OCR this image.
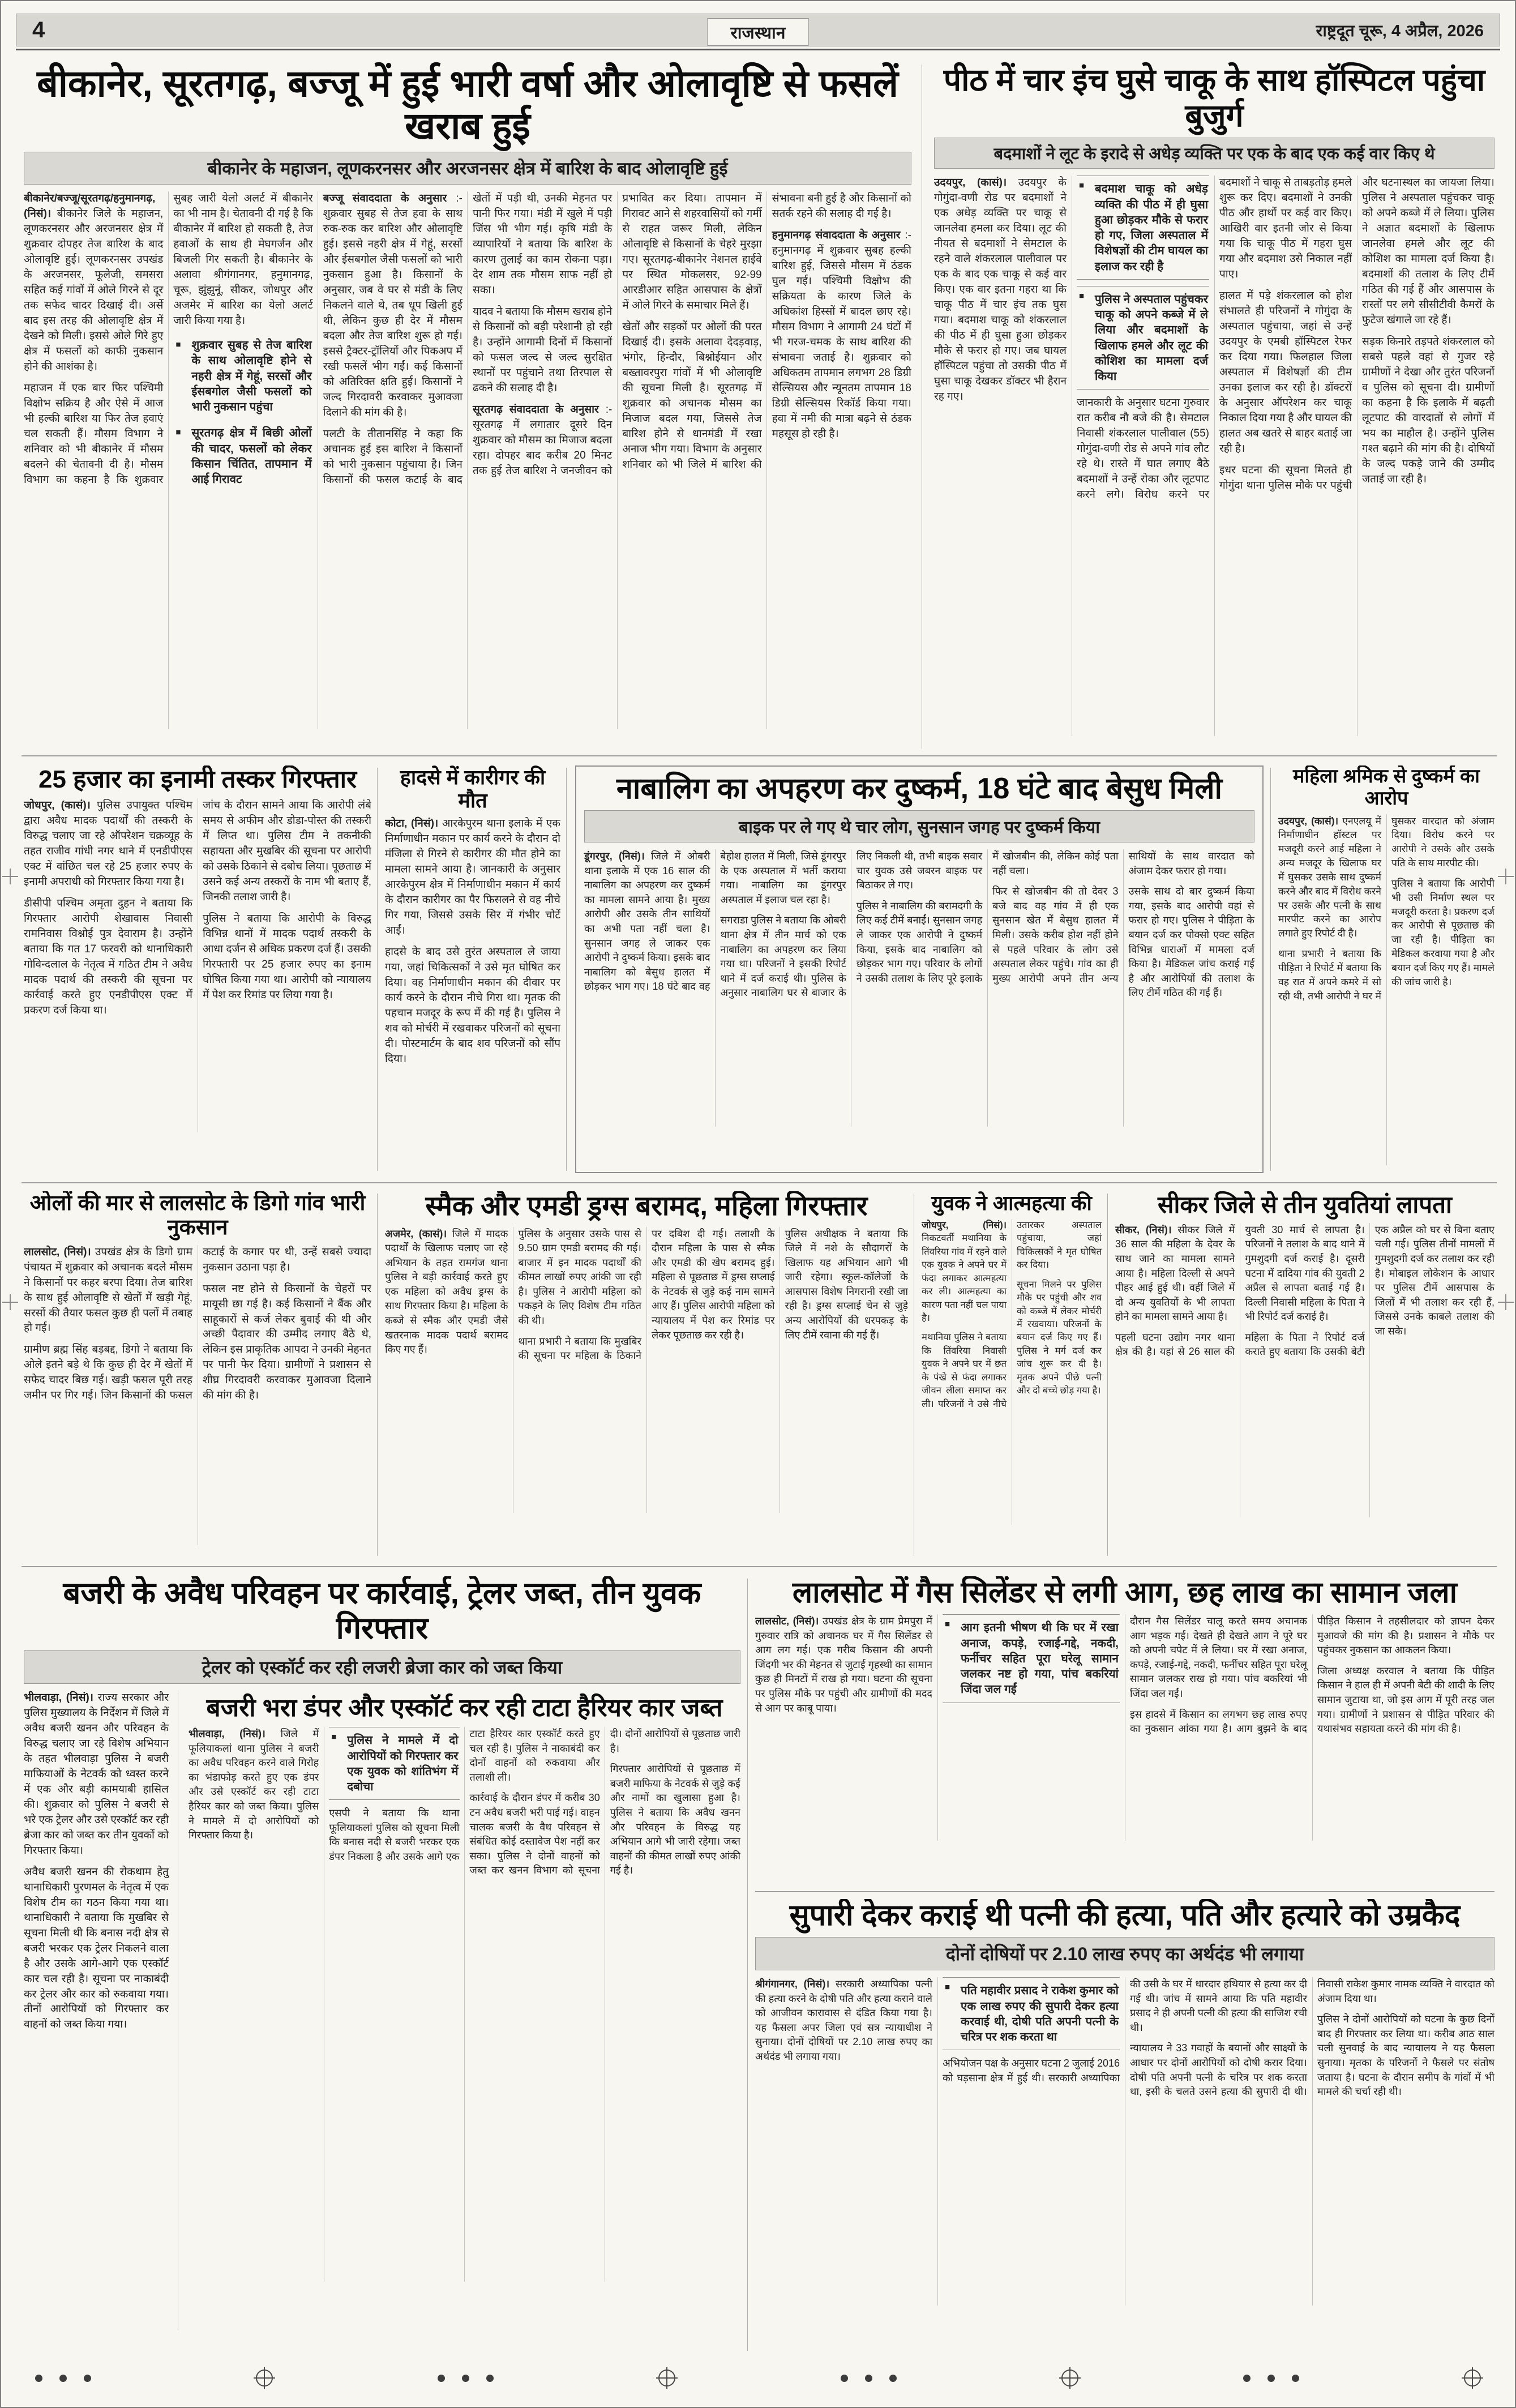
4	राजस्थान	राष्ट्रदूत चूरू, 4 अप्रैल, 2026
बीकानेर, सूरतगढ़, बज्जू में हुई भारी वर्षा और ओलावृष्टि से फसलें खराब हुई
बीकानेर के महाजन, लूणकरनसर और अरजनसर क्षेत्र में बारिश के बाद ओलावृष्टि हुई

बीकानेर/बज्जू/सूरतगढ़/हनुमानगढ़, (निसं)। बीकानेर जिले के महाजन, लूणकरनसर और अरजनसर क्षेत्र में शुक्रवार दोपहर तेज बारिश के बाद ओलावृष्टि हुई। लूणकरनसर उपखंड के अरजनसर, फूलेजी, समसरा सहित कई गांवों में ओले गिरने से दूर तक सफेद चादर दिखाई दी। अर्से बाद इस तरह की ओलावृष्टि क्षेत्र में देखने को मिली। इससे ओले गिरे हुए क्षेत्र में फसलों को काफी नुकसान होने की आशंका है।

महाजन में एक बार फिर पश्चिमी विक्षोभ सक्रिय है और ऐसे में आज भी हल्की बारिश या फिर तेज हवाएं चल सकती हैं। मौसम विभाग ने शनिवार को भी बीकानेर में मौसम बदलने की चेतावनी दी है। मौसम विभाग का कहना है कि शुक्रवार सुबह जारी येलो अलर्ट में बीकानेर का भी नाम है। चेतावनी दी गई है कि बीकानेर में बारिश हो सकती है, तेज हवाओं के साथ ही मेघगर्जन और बिजली गिर सकती है। बीकानेर के अलावा श्रीगंगानगर, हनुमानगढ़, चूरू, झुंझुनूं, सीकर, जोधपुर और अजमेर में बारिश का येलो अलर्ट जारी किया गया है।

■ शुक्रवार सुबह से तेज बारिश के साथ ओलावृष्टि होने से नहरी क्षेत्र में गेहूं, सरसों और ईसबगोल जैसी फसलों को भारी नुकसान पहुंचा

■ सूरतगढ़ क्षेत्र में बिछी ओलों की चादर, फसलों को लेकर किसान चिंतित, तापमान में आई गिरावट

बज्जू संवाददाता के अनुसार :- शुक्रवार सुबह से तेज हवा के साथ रुक-रुक कर बारिश और ओलावृष्टि हुई। इससे नहरी क्षेत्र में गेहूं, सरसों और ईसबगोल जैसी फसलों को भारी नुकसान हुआ है। किसानों के अनुसार, जब वे घर से मंडी के लिए निकलने वाले थे, तब धूप खिली हुई थी, लेकिन कुछ ही देर में मौसम बदला और तेज बारिश शुरू हो गई। इससे ट्रैक्टर-ट्रॉलियों और पिकअप में रखी फसलें भीग गईं। कई किसानों को अतिरिक्त क्षति हुई। किसानों ने जल्द गिरदावरी करवाकर मुआवजा दिलाने की मांग की है।

पलटी के तीतानसिंह ने कहा कि अचानक हुई इस बारिश ने किसानों को भारी नुकसान पहुंचाया है। जिन किसानों की फसल कटाई के बाद खेतों में पड़ी थी, उनकी मेहनत पर पानी फिर गया। मंडी में खुले में पड़ी जिंस भी भीग गई। कृषि मंडी के व्यापारियों ने बताया कि बारिश के कारण तुलाई का काम रोकना पड़ा। देर शाम तक मौसम साफ नहीं हो सका।

यादव ने बताया कि मौसम खराब होने से किसानों को बड़ी परेशानी हो रही है। उन्होंने आगामी दिनों में किसानों को फसल जल्द से जल्द सुरक्षित स्थानों पर पहुंचाने तथा तिरपाल से ढकने की सलाह दी है।

सूरतगढ़ संवाददाता के अनुसार :- सूरतगढ़ में लगातार दूसरे दिन शुक्रवार को मौसम का मिजाज बदला रहा। दोपहर बाद करीब 20 मिनट तक हुई तेज बारिश ने जनजीवन को प्रभावित कर दिया। तापमान में गिरावट आने से शहरवासियों को गर्मी से राहत जरूर मिली, लेकिन ओलावृष्टि से किसानों के चेहरे मुरझा गए। सूरतगढ़-बीकानेर नेशनल हाईवे पर स्थित मोकलसर, 92-99 आरडीआर सहित आसपास के क्षेत्रों में ओले गिरने के समाचार मिले हैं।

खेतों और सड़कों पर ओलों की परत दिखाई दी। इसके अलावा देदड़वाड़, भंगोर, हिन्दौर, बिश्नोईयान और बख्तावरपुरा गांवों में भी ओलावृष्टि की सूचना मिली है। सूरतगढ़ में शुक्रवार को अचानक मौसम का मिजाज बदल गया, जिससे तेज बारिश होने से धानमंडी में रखा अनाज भीग गया। विभाग के अनुसार शनिवार को भी जिले में बारिश की संभावना बनी हुई है और किसानों को सतर्क रहने की सलाह दी गई है।

हनुमानगढ़ संवाददाता के अनुसार :- हनुमानगढ़ में शुक्रवार सुबह हल्की बारिश हुई, जिससे मौसम में ठंडक घुल गई। पश्चिमी विक्षोभ की सक्रियता के कारण जिले के अधिकांश हिस्सों में बादल छाए रहे। मौसम विभाग ने आगामी 24 घंटों में भी गरज-चमक के साथ बारिश की संभावना जताई है। शुक्रवार को अधिकतम तापमान लगभग 28 डिग्री सेल्सियस और न्यूनतम तापमान 18 डिग्री सेल्सियस रिकॉर्ड किया गया। हवा में नमी की मात्रा बढ़ने से ठंडक महसूस हो रही है।

पीठ में चार इंच घुसे चाकू के साथ हॉस्पिटल पहुंचा बुजुर्ग
बदमाशों ने लूट के इरादे से अधेड़ व्यक्ति पर एक के बाद एक कई वार किए थे

उदयपुर, (कासं)। उदयपुर के गोगुंदा-वणी रोड पर बदमाशों ने एक अधेड़ व्यक्ति पर चाकू से जानलेवा हमला कर दिया। लूट की नीयत से बदमाशों ने सेमटाल के रहने वाले शंकरलाल पालीवाल पर एक के बाद एक चाकू से कई वार किए। एक वार इतना गहरा था कि चाकू पीठ में चार इंच तक घुस गया। बदमाश चाकू को शंकरलाल की पीठ में ही घुसा हुआ छोड़कर मौके से फरार हो गए। जब घायल हॉस्पिटल पहुंचा तो उसकी पीठ में घुसा चाकू देखकर डॉक्टर भी हैरान रह गए।

■ बदमाश चाकू को अधेड़ व्यक्ति की पीठ में ही घुसा हुआ छोड़कर मौके से फरार हो गए, जिला अस्पताल में विशेषज्ञों की टीम घायल का इलाज कर रही है

■ पुलिस ने अस्पताल पहुंचकर चाकू को अपने कब्जे में ले लिया और बदमाशों के खिलाफ हमले और लूट की कोशिश का मामला दर्ज किया

जानकारी के अनुसार घटना गुरुवार रात करीब नौ बजे की है। सेमटाल निवासी शंकरलाल पालीवाल (55) गोगुंदा-वणी रोड से अपने गांव लौट रहे थे। रास्ते में घात लगाए बैठे बदमाशों ने उन्हें रोका और लूटपाट करने लगे। विरोध करने पर बदमाशों ने चाकू से ताबड़तोड़ हमले शुरू कर दिए। बदमाशों ने उनकी पीठ और हाथों पर कई वार किए। आखिरी वार इतनी जोर से किया गया कि चाकू पीठ में गहरा घुस गया और बदमाश उसे निकाल नहीं पाए।

हालत में पड़े शंकरलाल को होश संभालते ही परिजनों ने गोगुंदा के अस्पताल पहुंचाया, जहां से उन्हें उदयपुर के एमबी हॉस्पिटल रेफर कर दिया गया। फिलहाल जिला अस्पताल में विशेषज्ञों की टीम उनका इलाज कर रही है। डॉक्टरों के अनुसार ऑपरेशन कर चाकू निकाल दिया गया है और घायल की हालत अब खतरे से बाहर बताई जा रही है।

इधर घटना की सूचना मिलते ही गोगुंदा थाना पुलिस मौके पर पहुंची और घटनास्थल का जायजा लिया। पुलिस ने अस्पताल पहुंचकर चाकू को अपने कब्जे में ले लिया। पुलिस ने अज्ञात बदमाशों के खिलाफ जानलेवा हमले और लूट की कोशिश का मामला दर्ज किया है। बदमाशों की तलाश के लिए टीमें गठित की गई हैं और आसपास के रास्तों पर लगे सीसीटीवी कैमरों के फुटेज खंगाले जा रहे हैं।

सड़क किनारे तड़पते शंकरलाल को सबसे पहले वहां से गुजर रहे ग्रामीणों ने देखा और तुरंत परिजनों व पुलिस को सूचना दी। ग्रामीणों का कहना है कि इलाके में बढ़ती लूटपाट की वारदातों से लोगों में भय का माहौल है। उन्होंने पुलिस गश्त बढ़ाने की मांग की है। दोषियों के जल्द पकड़े जाने की उम्मीद जताई जा रही है।

25 हजार का इनामी तस्कर गिरफ्तार

जोधपुर, (कासं)। पुलिस उपायुक्त पश्चिम द्वारा अवैध मादक पदार्थों की तस्करी के विरुद्ध चलाए जा रहे ऑपरेशन चक्रव्यूह के तहत राजीव गांधी नगर थाने में एनडीपीएस एक्ट में वांछित चल रहे 25 हजार रुपए के इनामी अपराधी को गिरफ्तार किया गया है।

डीसीपी पश्चिम अमृता दुहन ने बताया कि गिरफ्तार आरोपी शेखावास निवासी रामनिवास विश्नोई पुत्र देवाराम है। उन्होंने बताया कि गत 17 फरवरी को थानाधिकारी गोविन्दलाल के नेतृत्व में गठित टीम ने अवैध मादक पदार्थ की तस्करी की सूचना पर कार्रवाई करते हुए एनडीपीएस एक्ट में प्रकरण दर्ज किया था।

जांच के दौरान सामने आया कि आरोपी लंबे समय से अफीम और डोडा-पोस्त की तस्करी में लिप्त था। पुलिस टीम ने तकनीकी सहायता और मुखबिर की सूचना पर आरोपी को उसके ठिकाने से दबोच लिया। पूछताछ में उसने कई अन्य तस्करों के नाम भी बताए हैं, जिनकी तलाश जारी है।

पुलिस ने बताया कि आरोपी के विरुद्ध विभिन्न थानों में मादक पदार्थ तस्करी के आधा दर्जन से अधिक प्रकरण दर्ज हैं। उसकी गिरफ्तारी पर 25 हजार रुपए का इनाम घोषित किया गया था। आरोपी को न्यायालय में पेश कर रिमांड पर लिया गया है।

हादसे में कारीगर की मौत

कोटा, (निसं)। आरकेपुरम थाना इलाके में एक निर्माणाधीन मकान पर कार्य करने के दौरान दो मंजिला से गिरने से कारीगर की मौत होने का मामला सामने आया है। जानकारी के अनुसार आरकेपुरम क्षेत्र में निर्माणाधीन मकान में कार्य के दौरान कारीगर का पैर फिसलने से वह नीचे गिर गया, जिससे उसके सिर में गंभीर चोटें आईं।

हादसे के बाद उसे तुरंत अस्पताल ले जाया गया, जहां चिकित्सकों ने उसे मृत घोषित कर दिया। वह निर्माणाधीन मकान की दीवार पर कार्य करने के दौरान नीचे गिरा था। मृतक की पहचान मजदूर के रूप में की गई है। पुलिस ने शव को मोर्चरी में रखवाकर परिजनों को सूचना दी। पोस्टमार्टम के बाद शव परिजनों को सौंप दिया।

नाबालिग का अपहरण कर दुष्कर्म, 18 घंटे बाद बेसुध मिली
बाइक पर ले गए थे चार लोग, सुनसान जगह पर दुष्कर्म किया

डूंगरपुर, (निसं)। जिले में ओबरी थाना इलाके में एक 16 साल की नाबालिग का अपहरण कर दुष्कर्म का मामला सामने आया है। मुख्य आरोपी और उसके तीन साथियों का अभी पता नहीं चला है। सुनसान जगह ले जाकर एक आरोपी ने दुष्कर्म किया। इसके बाद नाबालिग को बेसुध हालत में छोड़कर भाग गए। 18 घंटे बाद वह बेहोश हालत में मिली, जिसे डूंगरपुर के एक अस्पताल में भर्ती कराया गया। नाबालिग का डूंगरपुर अस्पताल में इलाज चल रहा है।

सगराडा पुलिस ने बताया कि ओबरी थाना क्षेत्र में तीन मार्च को एक नाबालिग का अपहरण कर लिया गया था। परिजनों ने इसकी रिपोर्ट थाने में दर्ज कराई थी। पुलिस के अनुसार नाबालिग घर से बाजार के लिए निकली थी, तभी बाइक सवार चार युवक उसे जबरन बाइक पर बिठाकर ले गए।

पुलिस ने नाबालिग की बरामदगी के लिए कई टीमें बनाईं। सुनसान जगह ले जाकर एक आरोपी ने दुष्कर्म किया, इसके बाद नाबालिग को छोड़कर भाग गए। परिवार के लोगों ने उसकी तलाश के लिए पूरे इलाके में खोजबीन की, लेकिन कोई पता नहीं चला।

फिर से खोजबीन की तो देवर 3 बजे बाद वह गांव में ही एक सुनसान खेत में बेसुध हालत में मिली। उसके करीब होश नहीं होने से पहले परिवार के लोग उसे अस्पताल लेकर पहुंचे। गांव का ही मुख्य आरोपी अपने तीन अन्य साथियों के साथ वारदात को अंजाम देकर फरार हो गया।

उसके साथ दो बार दुष्कर्म किया गया, इसके बाद आरोपी वहां से फरार हो गए। पुलिस ने पीड़िता के बयान दर्ज कर पोक्सो एक्ट सहित विभिन्न धाराओं में मामला दर्ज किया है। मेडिकल जांच कराई गई है और आरोपियों की तलाश के लिए टीमें गठित की गई हैं।

महिला श्रमिक से दुष्कर्म का आरोप

उदयपुर, (कासं)। एनएलयू में निर्माणाधीन हॉस्टल पर मजदूरी करने आई महिला ने अन्य मजदूर के खिलाफ घर में घुसकर उसके साथ दुष्कर्म करने और बाद में विरोध करने पर उसके और पत्नी के साथ मारपीट करने का आरोप लगाते हुए रिपोर्ट दी है।

थाना प्रभारी ने बताया कि पीड़िता ने रिपोर्ट में बताया कि वह रात में अपने कमरे में सो रही थी, तभी आरोपी ने घर में घुसकर वारदात को अंजाम दिया। विरोध करने पर आरोपी ने उसके और उसके पति के साथ मारपीट की।

पुलिस ने बताया कि आरोपी भी उसी निर्माण स्थल पर मजदूरी करता है। प्रकरण दर्ज कर आरोपी से पूछताछ की जा रही है। पीड़िता का मेडिकल करवाया गया है और बयान दर्ज किए गए हैं। मामले की जांच जारी है।

ओलों की मार से लालसोट के डिगो गांव भारी नुकसान

लालसोट, (निसं)। उपखंड क्षेत्र के डिगो ग्राम पंचायत में शुक्रवार को अचानक बदले मौसम ने किसानों पर कहर बरपा दिया। तेज बारिश के साथ हुई ओलावृष्टि से खेतों में खड़ी गेहूं, सरसों की तैयार फसल कुछ ही पलों में तबाह हो गई।

ग्रामीण ब्रह्म सिंह बड़बद्द, डिगो ने बताया कि ओले इतने बड़े थे कि कुछ ही देर में खेतों में सफेद चादर बिछ गई। खड़ी फसल पूरी तरह जमीन पर गिर गई। जिन किसानों की फसल कटाई के कगार पर थी, उन्हें सबसे ज्यादा नुकसान उठाना पड़ा है।

फसल नष्ट होने से किसानों के चेहरों पर मायूसी छा गई है। कई किसानों ने बैंक और साहूकारों से कर्ज लेकर बुवाई की थी और अच्छी पैदावार की उम्मीद लगाए बैठे थे, लेकिन इस प्राकृतिक आपदा ने उनकी मेहनत पर पानी फेर दिया। ग्रामीणों ने प्रशासन से शीघ्र गिरदावरी करवाकर मुआवजा दिलाने की मांग की है।

स्मैक और एमडी ड्रग्स बरामद, महिला गिरफ्तार

अजमेर, (कासं)। जिले में मादक पदार्थों के खिलाफ चलाए जा रहे अभियान के तहत रामगंज थाना पुलिस ने बड़ी कार्रवाई करते हुए एक महिला को अवैध ड्रग्स के साथ गिरफ्तार किया है। महिला के कब्जे से स्मैक और एमडी जैसे खतरनाक मादक पदार्थ बरामद किए गए हैं।

पुलिस के अनुसार उसके पास से 9.50 ग्राम एमडी बरामद की गई। बाजार में इन मादक पदार्थों की कीमत लाखों रुपए आंकी जा रही है। पुलिस ने आरोपी महिला को पकड़ने के लिए विशेष टीम गठित की थी।

थाना प्रभारी ने बताया कि मुखबिर की सूचना पर महिला के ठिकाने पर दबिश दी गई। तलाशी के दौरान महिला के पास से स्मैक और एमडी की खेप बरामद हुई। महिला से पूछताछ में ड्रग्स सप्लाई के नेटवर्क से जुड़े कई नाम सामने आए हैं। पुलिस आरोपी महिला को न्यायालय में पेश कर रिमांड पर लेकर पूछताछ कर रही है।

पुलिस अधीक्षक ने बताया कि जिले में नशे के सौदागरों के खिलाफ यह अभियान आगे भी जारी रहेगा। स्कूल-कॉलेजों के आसपास विशेष निगरानी रखी जा रही है। ड्रग्स सप्लाई चेन से जुड़े अन्य आरोपियों की धरपकड़ के लिए टीमें रवाना की गई हैं।

युवक ने आत्महत्या की

जोधपुर, (निसं)। निकटवर्ती मथानिया के तिंवरिया गांव में रहने वाले एक युवक ने अपने घर में फंदा लगाकर आत्महत्या कर ली। आत्महत्या का कारण पता नहीं चल पाया है।

मथानिया पुलिस ने बताया कि तिंवरिया निवासी युवक ने अपने घर में छत के पंखे से फंदा लगाकर जीवन लीला समाप्त कर ली। परिजनों ने उसे नीचे उतारकर अस्पताल पहुंचाया, जहां चिकित्सकों ने मृत घोषित कर दिया।

सूचना मिलने पर पुलिस मौके पर पहुंची और शव को कब्जे में लेकर मोर्चरी में रखवाया। परिजनों के बयान दर्ज किए गए हैं। पुलिस ने मर्ग दर्ज कर जांच शुरू कर दी है। मृतक अपने पीछे पत्नी और दो बच्चे छोड़ गया है।

सीकर जिले से तीन युवतियां लापता

सीकर, (निसं)। सीकर जिले में 36 साल की महिला के देवर के साथ जाने का मामला सामने आया है। महिला दिल्ली से अपने पीहर आई हुई थी। वहीं जिले में दो अन्य युवतियों के भी लापता होने का मामला सामने आया है।

पहली घटना उद्योग नगर थाना क्षेत्र की है। यहां से 26 साल की युवती 30 मार्च से लापता है। परिजनों ने तलाश के बाद थाने में गुमशुदगी दर्ज कराई है। दूसरी घटना में दादिया गांव की युवती 2 अप्रैल से लापता बताई गई है। दिल्ली निवासी महिला के पिता ने भी रिपोर्ट दर्ज कराई है।

महिला के पिता ने रिपोर्ट दर्ज कराते हुए बताया कि उसकी बेटी एक अप्रैल को घर से बिना बताए चली गई। पुलिस तीनों मामलों में गुमशुदगी दर्ज कर तलाश कर रही है। मोबाइल लोकेशन के आधार पर पुलिस टीमें आसपास के जिलों में भी तलाश कर रही हैं, जिससे उनके काबले तलाश की जा सके।

बजरी के अवैध परिवहन पर कार्रवाई, ट्रेलर जब्त, तीन युवक गिरफ्तार
ट्रेलर को एस्कॉर्ट कर रही लजरी ब्रेजा कार को जब्त किया

भीलवाड़ा, (निसं)। राज्य सरकार और पुलिस मुख्यालय के निर्देशन में जिले में अवैध बजरी खनन और परिवहन के विरुद्ध चलाए जा रहे विशेष अभियान के तहत भीलवाड़ा पुलिस ने बजरी माफियाओं के नेटवर्क को ध्वस्त करने में एक और बड़ी कामयाबी हासिल की। शुक्रवार को पुलिस ने बजरी से भरे एक ट्रेलर और उसे एस्कॉर्ट कर रही ब्रेजा कार को जब्त कर तीन युवकों को गिरफ्तार किया।

अवैध बजरी खनन की रोकथाम हेतु थानाधिकारी पुरणमल के नेतृत्व में एक विशेष टीम का गठन किया गया था। थानाधिकारी ने बताया कि मुखबिर से सूचना मिली थी कि बनास नदी क्षेत्र से बजरी भरकर एक ट्रेलर निकलने वाला है और उसके आगे-आगे एक एस्कॉर्ट कार चल रही है। सूचना पर नाकाबंदी कर ट्रेलर और कार को रुकवाया गया। तीनों आरोपियों को गिरफ्तार कर वाहनों को जब्त किया गया।

बजरी भरा डंपर और एस्कॉर्ट कर रही टाटा हैरियर कार जब्त

भीलवाड़ा, (निसं)। जिले में फूलियाकलां थाना पुलिस ने बजरी का अवैध परिवहन करने वाले गिरोह का भंडाफोड़ करते हुए एक डंपर और उसे एस्कॉर्ट कर रही टाटा हैरियर कार को जब्त किया। पुलिस ने मामले में दो आरोपियों को गिरफ्तार किया है।

■ पुलिस ने मामले में दो आरोपियों को गिरफ्तार कर एक युवक को शांतिभंग में दबोचा

एसपी ने बताया कि थाना फूलियाकलां पुलिस को सूचना मिली कि बनास नदी से बजरी भरकर एक डंपर निकला है और उसके आगे एक टाटा हैरियर कार एस्कॉर्ट करते हुए चल रही है। पुलिस ने नाकाबंदी कर दोनों वाहनों को रुकवाया और तलाशी ली।

कार्रवाई के दौरान डंपर में करीब 30 टन अवैध बजरी भरी पाई गई। वाहन चालक बजरी के वैध परिवहन से संबंधित कोई दस्तावेज पेश नहीं कर सका। पुलिस ने दोनों वाहनों को जब्त कर खनन विभाग को सूचना दी। दोनों आरोपियों से पूछताछ जारी है।

गिरफ्तार आरोपियों से पूछताछ में बजरी माफिया के नेटवर्क से जुड़े कई और नामों का खुलासा हुआ है। पुलिस ने बताया कि अवैध खनन और परिवहन के विरुद्ध यह अभियान आगे भी जारी रहेगा। जब्त वाहनों की कीमत लाखों रुपए आंकी गई है।

लालसोट में गैस सिलेंडर से लगी आग, छह लाख का सामान जला

लालसोट, (निसं)। उपखंड क्षेत्र के ग्राम प्रेमपुरा में गुरुवार रात्रि को अचानक घर में गैस सिलेंडर से आग लग गई। एक गरीब किसान की अपनी जिंदगी भर की मेहनत से जुटाई गृहस्थी का सामान कुछ ही मिनटों में राख हो गया। घटना की सूचना पर पुलिस मौके पर पहुंची और ग्रामीणों की मदद से आग पर काबू पाया।

■ आग इतनी भीषण थी कि घर में रखा अनाज, कपड़े, रजाई-गद्दे, नकदी, फर्नीचर सहित पूरा घरेलू सामान जलकर नष्ट हो गया, पांच बकरियां जिंदा जल गईं

दौरान गैस सिलेंडर चालू करते समय अचानक आग भड़क गई। देखते ही देखते आग ने पूरे घर को अपनी चपेट में ले लिया। घर में रखा अनाज, कपड़े, रजाई-गद्दे, नकदी, फर्नीचर सहित पूरा घरेलू सामान जलकर राख हो गया। पांच बकरियां भी जिंदा जल गईं।

इस हादसे में किसान का लगभग छह लाख रुपए का नुकसान आंका गया है। आग बुझने के बाद पीड़ित किसान ने तहसीलदार को ज्ञापन देकर मुआवजे की मांग की है। प्रशासन ने मौके पर पहुंचकर नुकसान का आकलन किया।

जिला अध्यक्ष करवाल ने बताया कि पीड़ित किसान ने हाल ही में अपनी बेटी की शादी के लिए सामान जुटाया था, जो इस आग में पूरी तरह जल गया। ग्रामीणों ने प्रशासन से पीड़ित परिवार की यथासंभव सहायता करने की मांग की है।

सुपारी देकर कराई थी पत्नी की हत्या, पति और हत्यारे को उम्रकैद
दोनों दोषियों पर 2.10 लाख रुपए का अर्थदंड भी लगाया

श्रीगंगानगर, (निसं)। सरकारी अध्यापिका पत्नी की हत्या करने के दोषी पति और हत्या कराने वाले को आजीवन कारावास से दंडित किया गया है। यह फैसला अपर जिला एवं सत्र न्यायाधीश ने सुनाया। दोनों दोषियों पर 2.10 लाख रुपए का अर्थदंड भी लगाया गया।

■ पति महावीर प्रसाद ने राकेश कुमार को एक लाख रुपए की सुपारी देकर हत्या करवाई थी, दोषी पति अपनी पत्नी के चरित्र पर शक करता था

अभियोजन पक्ष के अनुसार घटना 2 जुलाई 2016 को घड़साना क्षेत्र में हुई थी। सरकारी अध्यापिका की उसी के घर में धारदार हथियार से हत्या कर दी गई थी। जांच में सामने आया कि पति महावीर प्रसाद ने ही अपनी पत्नी की हत्या की साजिश रची थी।

न्यायालय ने 33 गवाहों के बयानों और साक्ष्यों के आधार पर दोनों आरोपियों को दोषी करार दिया। दोषी पति अपनी पत्नी के चरित्र पर शक करता था, इसी के चलते उसने हत्या की सुपारी दी थी। निवासी राकेश कुमार नामक व्यक्ति ने वारदात को अंजाम दिया था।

पुलिस ने दोनों आरोपियों को घटना के कुछ दिनों बाद ही गिरफ्तार कर लिया था। करीब आठ साल चली सुनवाई के बाद न्यायालय ने यह फैसला सुनाया। मृतका के परिजनों ने फैसले पर संतोष जताया है। घटना के दौरान समीप के गांवों में भी मामले की चर्चा रही थी।
